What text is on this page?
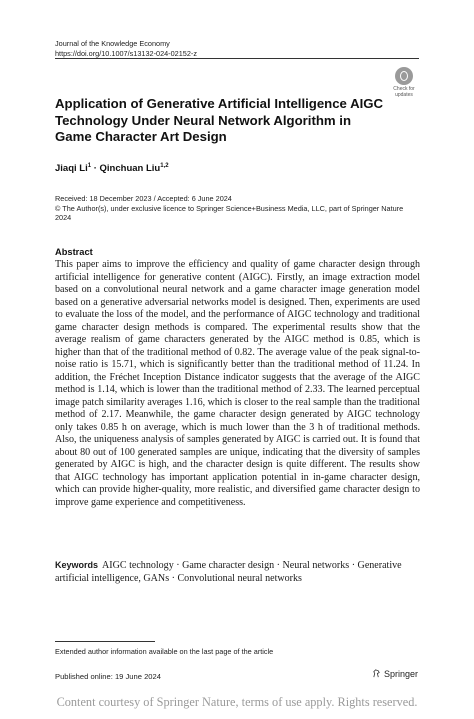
Journal of the Knowledge Economy
https://doi.org/10.1007/s13132-024-02152-z
Check for
updates
Application of Generative Artificial Intelligence AIGC Technology Under Neural Network Algorithm in Game Character Art Design
Jiaqi $Li^1$ · Qinchuan Liu$^{1,2}$
Received: 18 December 2023 / Accepted: 6 June 2024
© The Author(s), under exclusive licence to Springer Science+Business Media, LLC, part of Springer Nature 2024
Abstract
This paper aims to improve the efficiency and quality of game character design through artificial intelligence for generative content (AIGC). Firstly, an image extraction model based on a convolutional neural network and a game character image generation model based on a generative adversarial networks model is designed. Then, experiments are used to evaluate the loss of the model, and the performance of AIGC technology and traditional game character design methods is compared. The experimental results show that the average realism of game characters generated by the AIGC method is 0.85, which is higher than that of the traditional method of 0.82. The average value of the peak signal-to-noise ratio is 15.71, which is significantly better than the traditional method of 11.24. In addition, the Fréchet Inception Distance indicator suggests that the average of the AIGC method is 1.14, which is lower than the traditional method of 2.33. The learned perceptual image patch similarity averages 1.16, which is closer to the real sample than the traditional method of 2.17. Meanwhile, the game character design generated by AIGC technology only takes 0.85 h on average, which is much lower than the 3 h of traditional methods. Also, the uniqueness analysis of samples generated by AIGC is carried out. It is found that about 80 out of 100 generated samples are unique, indicating that the diversity of samples generated by AIGC is high, and the character design is quite different. The results show that AIGC technology has important application potential in in-game character design, which can provide higher-quality, more realistic, and diversified game character design to improve game experience and competitiveness.
Keywords AIGC technology · Game character design · Neural networks · Generative artificial intelligence, GANs · Convolutional neural networks
Extended author information available on the last page of the article
Published online: 19 June 2024	Springer
Content courtesy of Springer Nature, terms of use apply. Rights reserved.
